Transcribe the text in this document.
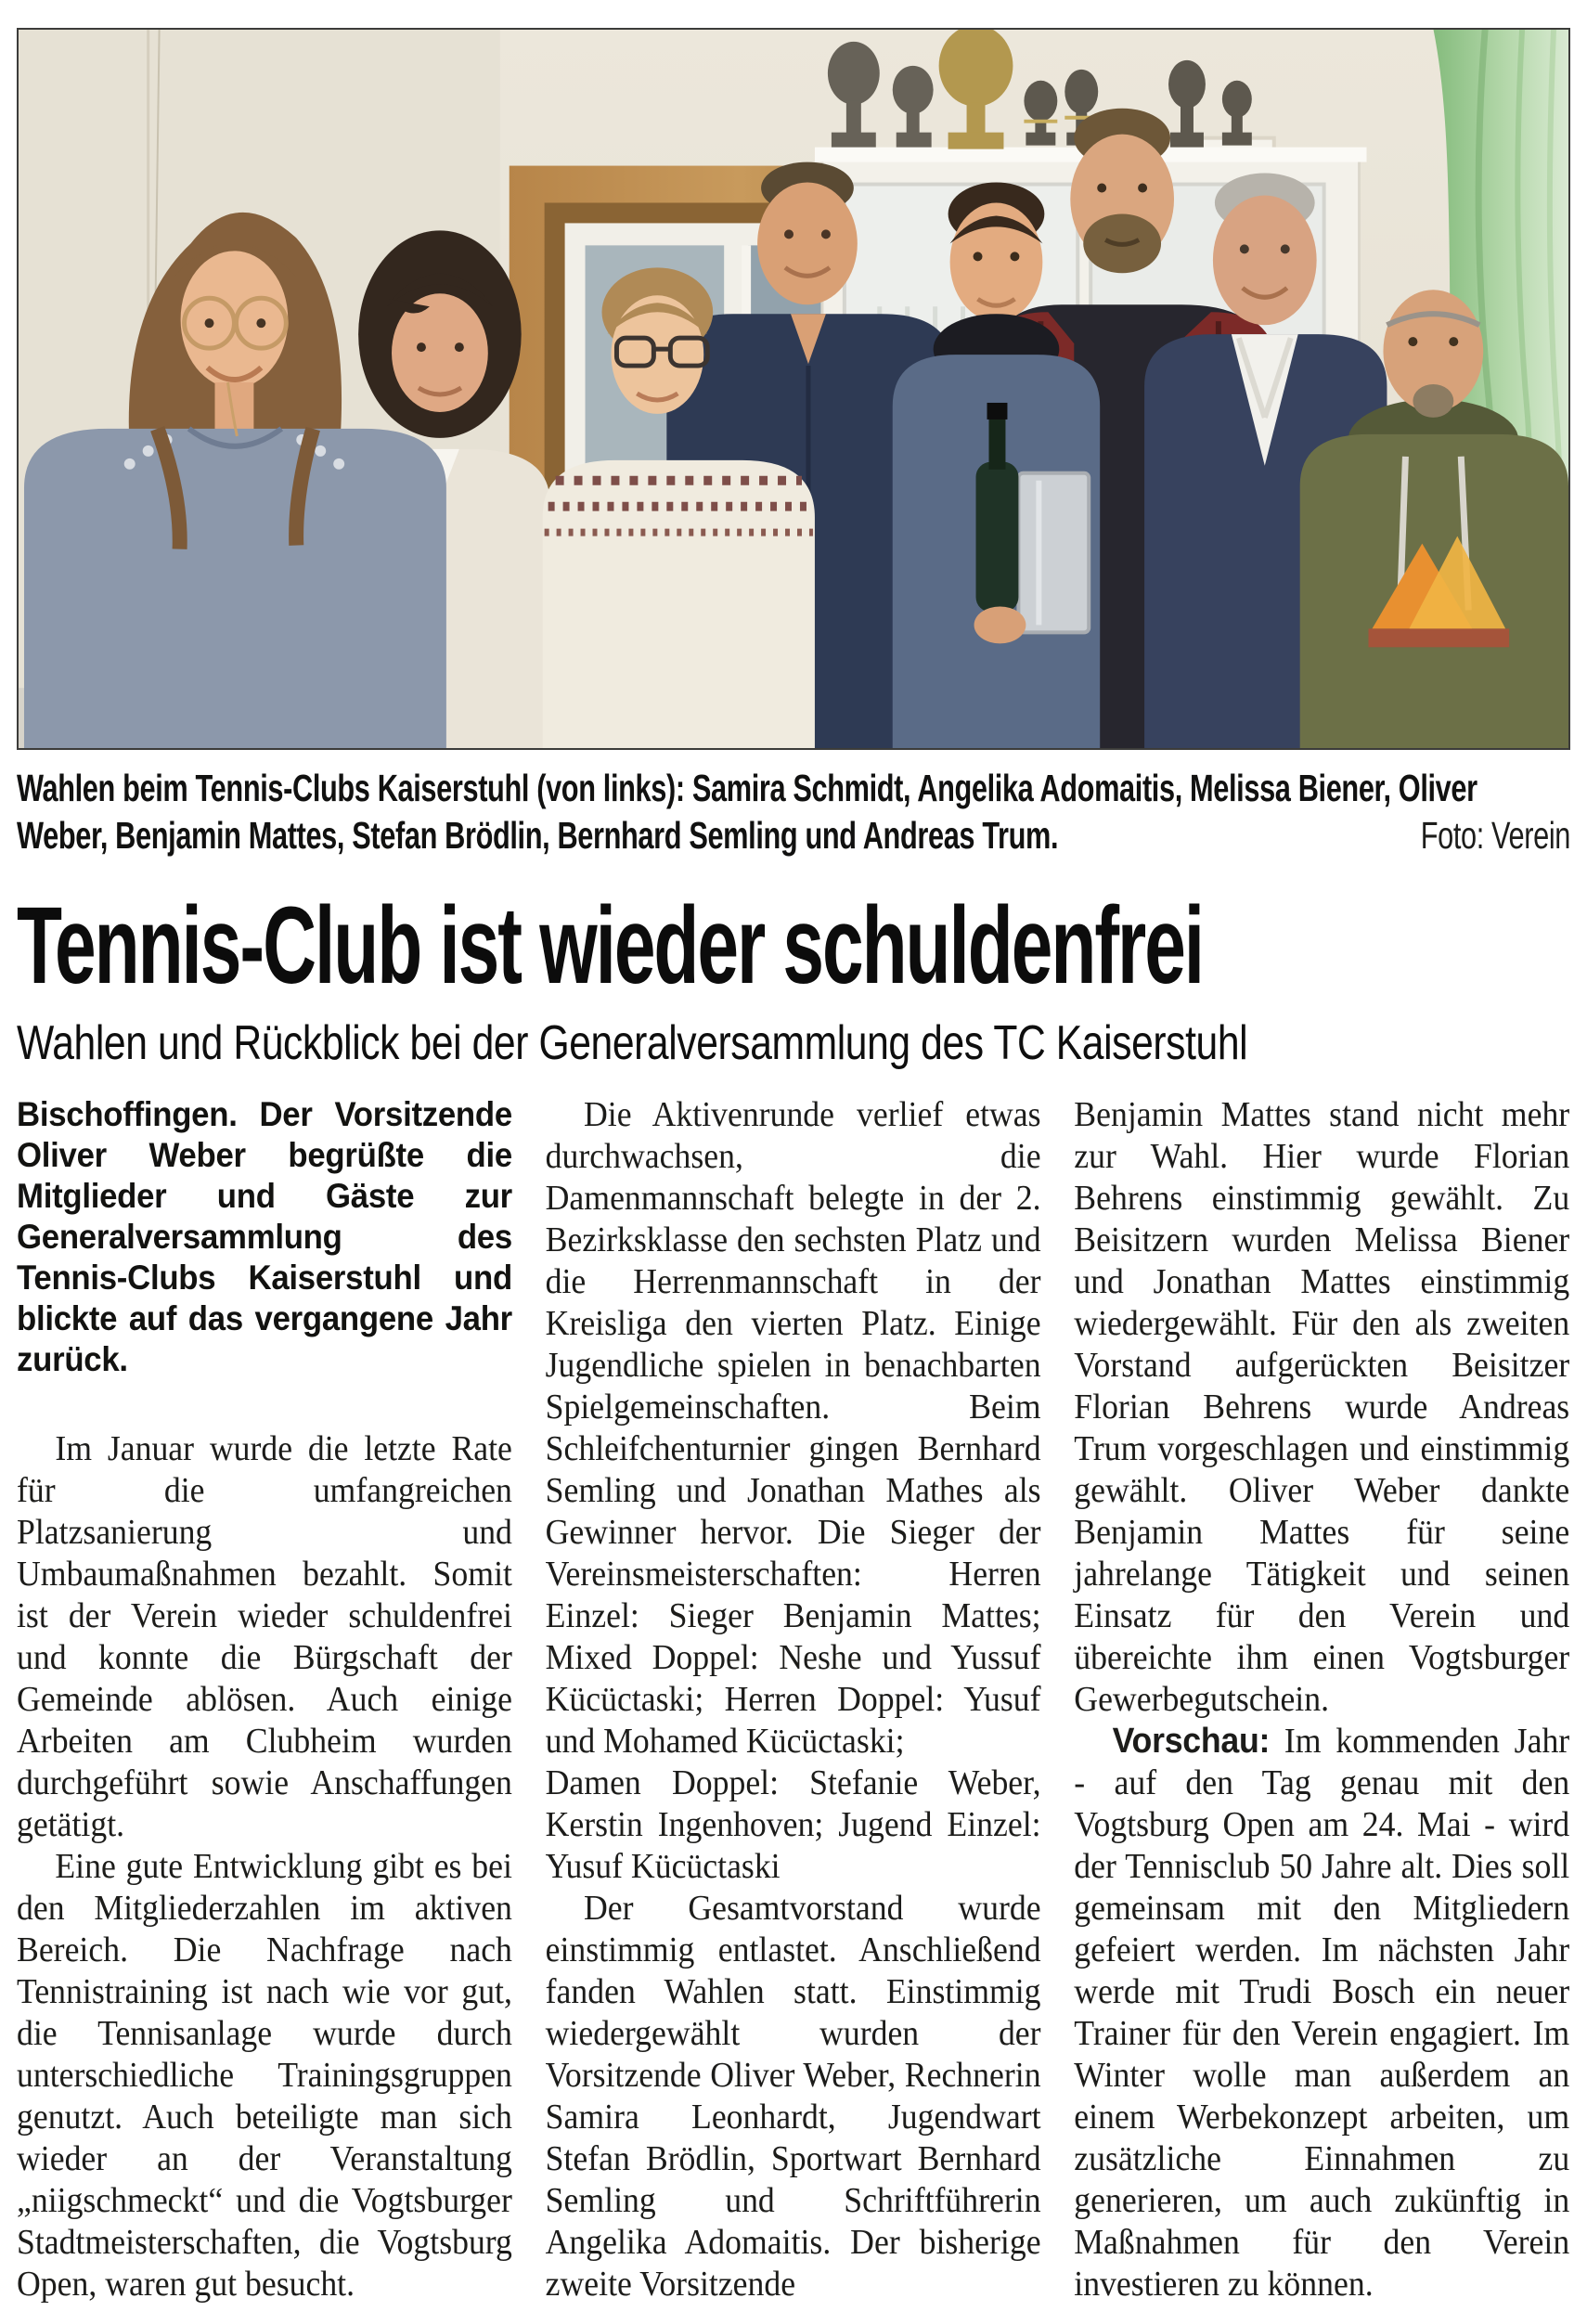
Wahlen beim Tennis-Clubs Kaiserstuhl (von links): Samira Schmidt, Angelika Adomaitis, Melissa Biener, Oliver Weber, Benjamin Mattes, Stefan Brödlin, Bernhard Semling und Andreas Trum.	Foto: Verein
Tennis-Club ist wieder schuldenfrei
Wahlen und Rückblick bei der Generalversammlung des TC Kaiserstuhl

Bischoffingen. Der Vorsitzende Oliver Weber begrüßte die Mitglieder und Gäste zur Generalversammlung des Tennis-Clubs Kaiserstuhl und blickte auf das vergangene Jahr zurück.

Im Januar wurde die letzte Rate für die umfangreichen Platzsanierung und Umbaumaßnahmen bezahlt. Somit ist der Verein wieder schuldenfrei und konnte die Bürgschaft der Gemeinde ablösen. Auch einige Arbeiten am Clubheim wurden durchgeführt sowie Anschaffungen getätigt.

Eine gute Entwicklung gibt es bei den Mitgliederzahlen im aktiven Bereich. Die Nachfrage nach Tennistraining ist nach wie vor gut, die Tennisanlage wurde durch unterschiedliche Trainingsgruppen genutzt. Auch beteiligte man sich wieder an der Veranstaltung „niigschmeckt“ und die Vogtsburger Stadtmeisterschaften, die Vogtsburg Open, waren gut besucht.

Die Aktivenrunde verlief etwas durchwachsen, die Damenmannschaft belegte in der 2. Bezirksklasse den sechsten Platz und die Herrenmannschaft in der Kreisliga den vierten Platz. Einige Jugendliche spielen in benachbarten Spielgemeinschaften. Beim Schleifchenturnier gingen Bernhard Semling und Jonathan Mathes als Gewinner hervor. Die Sieger der Vereinsmeisterschaften: Herren Einzel: Sieger Benjamin Mattes; Mixed Doppel: Neshe und Yussuf Kücüctaski; Herren Doppel: Yusuf und Mohamed Kücüctaski;

Damen Doppel: Stefanie Weber, Kerstin Ingenhoven; Jugend Einzel: Yusuf Kücüctaski

Der Gesamtvorstand wurde einstimmig entlastet. Anschließend fanden Wahlen statt. Einstimmig wiedergewählt wurden der Vorsitzende Oliver Weber, Rechnerin Samira Leonhardt, Jugendwart Stefan Brödlin, Sportwart Bernhard Semling und Schriftführerin Angelika Adomaitis. Der bisherige zweite Vorsitzende

Benjamin Mattes stand nicht mehr zur Wahl. Hier wurde Florian Behrens einstimmig gewählt. Zu Beisitzern wurden Melissa Biener und Jonathan Mattes einstimmig wiedergewählt. Für den als zweiten Vorstand aufgerückten Beisitzer Florian Behrens wurde Andreas Trum vorgeschlagen und einstimmig gewählt. Oliver Weber dankte Benjamin Mattes für seine jahrelange Tätigkeit und seinen Einsatz für den Verein und übereichte ihm einen Vogtsburger Gewerbegutschein.

Vorschau: Im kommenden Jahr - auf den Tag genau mit den Vogtsburg Open am 24. Mai - wird der Tennisclub 50 Jahre alt. Dies soll gemeinsam mit den Mitgliedern gefeiert werden. Im nächsten Jahr werde mit Trudi Bosch ein neuer Trainer für den Verein engagiert. Im Winter wolle man außerdem an einem Werbekonzept arbeiten, um zusätzliche Einnahmen zu generieren, um auch zukünftig in Maßnahmen für den Verein investieren zu können.
